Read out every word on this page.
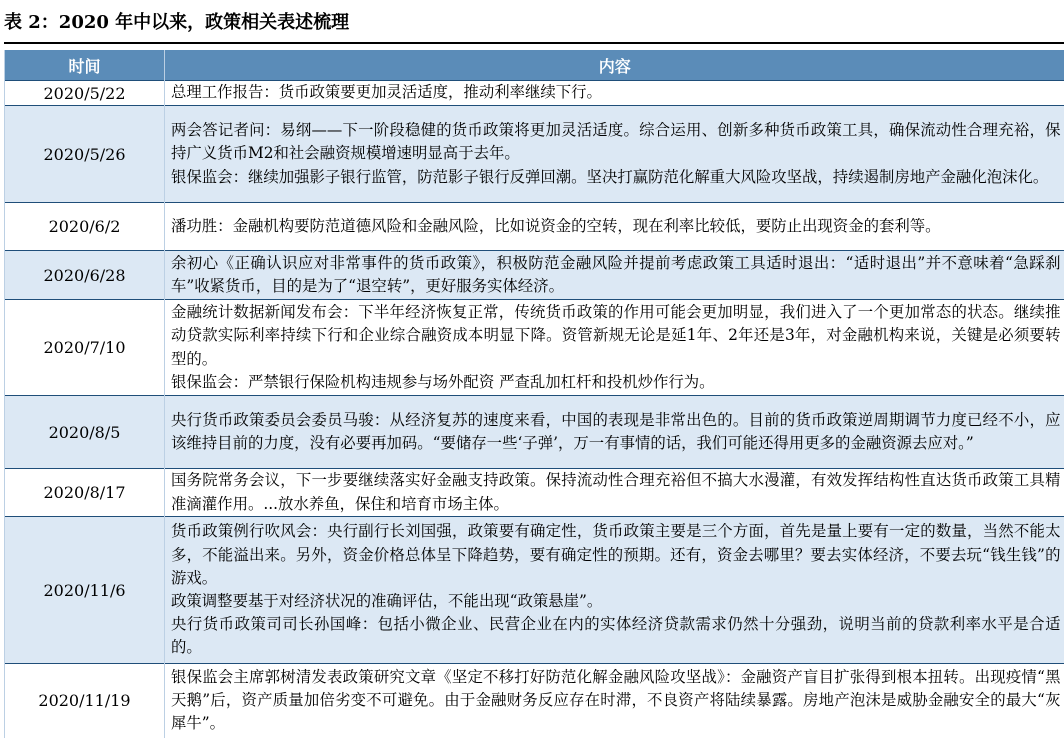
表 2：2020 年中以来，政策相关表述梳理
时间	内容
2020/5/22	总理工作报告：货币政策要更加灵活适度，推动利率继续下行。

2020/5/26	两会答记者问：易纲——下一阶段稳健的货币政策将更加灵活适度。综合运用、创新多种货币政策工具，确保流动性合理充裕，保持广义货币M2和社会融资规模增速明显高于去年。

银保监会：继续加强影子银行监管，防范影子银行反弹回潮。坚决打赢防范化解重大风险攻坚战，持续遏制房地产金融化泡沫化。

2020/6/2	潘功胜：金融机构要防范道德风险和金融风险，比如说资金的空转，现在利率比较低，要防止出现资金的套利等。

2020/6/28	余初心《正确认识应对非常事件的货币政策》，积极防范金融风险并提前考虑政策工具适时退出：“适时退出”并不意味着“急踩刹车”收紧货币，目的是为了“退空转”，更好服务实体经济。

2020/7/10	金融统计数据新闻发布会：下半年经济恢复正常，传统货币政策的作用可能会更加明显，我们进入了一个更加常态的状态。继续推动贷款实际利率持续下行和企业综合融资成本明显下降。资管新规无论是延1年、2年还是3年，对金融机构来说，关键是必须要转型的。

银保监会：严禁银行保险机构违规参与场外配资 严查乱加杠杆和投机炒作行为。

2020/8/5	央行货币政策委员会委员马骏：从经济复苏的速度来看，中国的表现是非常出色的。目前的货币政策逆周期调节力度已经不小，应该维持目前的力度，没有必要再加码。“要储存一些‘子弹’，万一有事情的话，我们可能还得用更多的金融资源去应对。”

2020/8/17	国务院常务会议，下一步要继续落实好金融支持政策。保持流动性合理充裕但不搞大水漫灌，有效发挥结构性直达货币政策工具精准滴灌作用。...放水养鱼，保住和培育市场主体。

2020/11/6	货币政策例行吹风会：央行副行长刘国强，政策要有确定性，货币政策主要是三个方面，首先是量上要有一定的数量，当然不能太多，不能溢出来。另外，资金价格总体呈下降趋势，要有确定性的预期。还有，资金去哪里？要去实体经济，不要去玩“钱生钱”的游戏。

政策调整要基于对经济状况的准确评估，不能出现“政策悬崖”。

央行货币政策司司长孙国峰：包括小微企业、民营企业在内的实体经济贷款需求仍然十分强劲，说明当前的贷款利率水平是合适的。

2020/11/19	银保监会主席郭树清发表政策研究文章《坚定不移打好防范化解金融风险攻坚战》：金融资产盲目扩张得到根本扭转。出现疫情“黑天鹅”后，资产质量加倍劣变不可避免。由于金融财务反应存在时滞，不良资产将陆续暴露。房地产泡沫是威胁金融安全的最大“灰犀牛”。
